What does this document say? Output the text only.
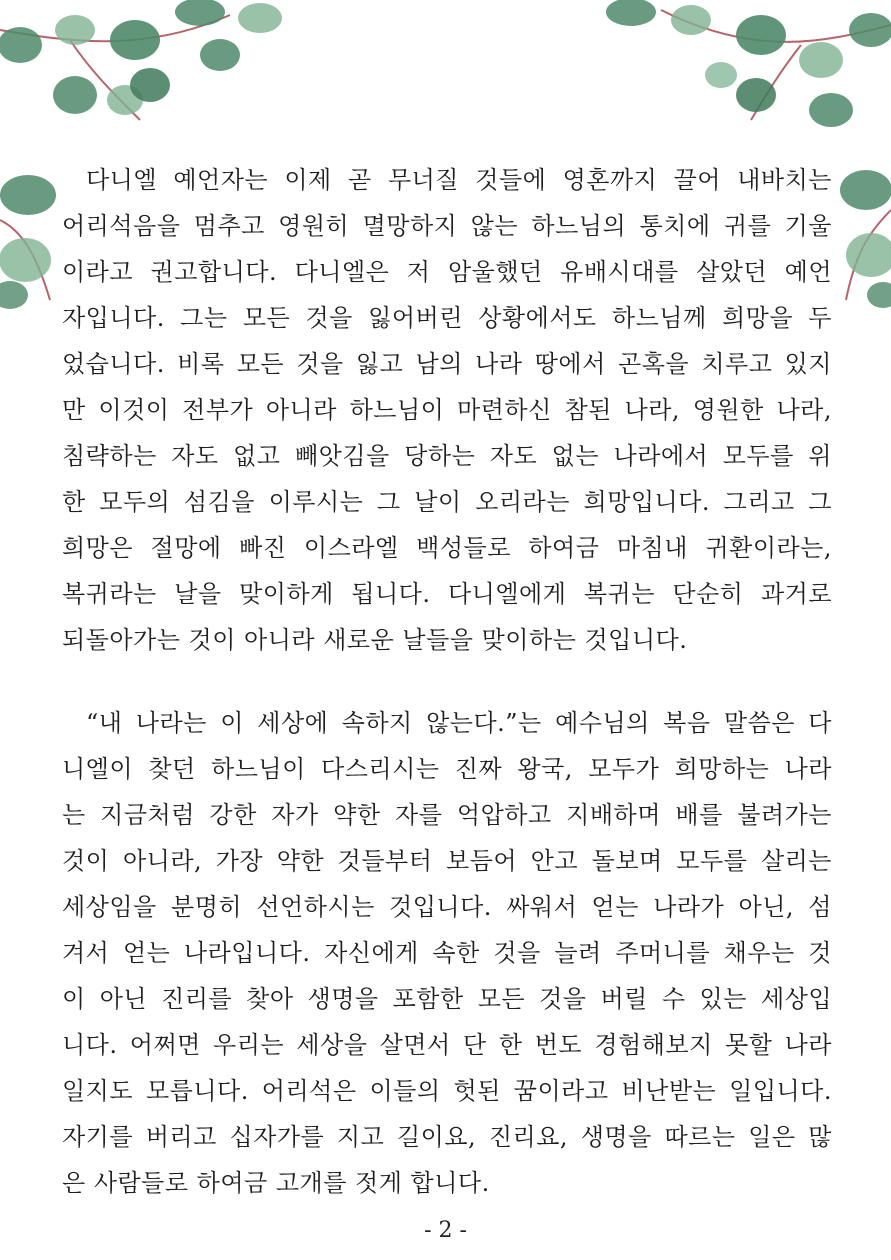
다니엘 예언자는 이제 곧 무너질 것들에 영혼까지 끌어 내바치는
어리석음을 멈추고 영원히 멸망하지 않는 하느님의 통치에 귀를 기울
이라고 권고합니다. 다니엘은 저 암울했던 유배시대를 살았던 예언
자입니다. 그는 모든 것을 잃어버린 상황에서도 하느님께 희망을 두
었습니다. 비록 모든 것을 잃고 남의 나라 땅에서 곤혹을 치루고 있지
만 이것이 전부가 아니라 하느님이 마련하신 참된 나라, 영원한 나라,
침략하는 자도 없고 빼앗김을 당하는 자도 없는 나라에서 모두를 위
한 모두의 섬김을 이루시는 그 날이 오리라는 희망입니다. 그리고 그
희망은 절망에 빠진 이스라엘 백성들로 하여금 마침내 귀환이라는,
복귀라는 날을 맞이하게 됩니다. 다니엘에게 복귀는 단순히 과거로
되돌아가는 것이 아니라 새로운 날들을 맞이하는 것입니다.
“내 나라는 이 세상에 속하지 않는다.”는 예수님의 복음 말씀은 다
니엘이 찾던 하느님이 다스리시는 진짜 왕국, 모두가 희망하는 나라
는 지금처럼 강한 자가 약한 자를 억압하고 지배하며 배를 불려가는
것이 아니라, 가장 약한 것들부터 보듬어 안고 돌보며 모두를 살리는
세상임을 분명히 선언하시는 것입니다. 싸워서 얻는 나라가 아닌, 섬
겨서 얻는 나라입니다. 자신에게 속한 것을 늘려 주머니를 채우는 것
이 아닌 진리를 찾아 생명을 포함한 모든 것을 버릴 수 있는 세상입
니다. 어쩌면 우리는 세상을 살면서 단 한 번도 경험해보지 못할 나라
일지도 모릅니다. 어리석은 이들의 헛된 꿈이라고 비난받는 일입니다.
자기를 버리고 십자가를 지고 길이요, 진리요, 생명을 따르는 일은 많
은 사람들로 하여금 고개를 젓게 합니다.
- 2 -
